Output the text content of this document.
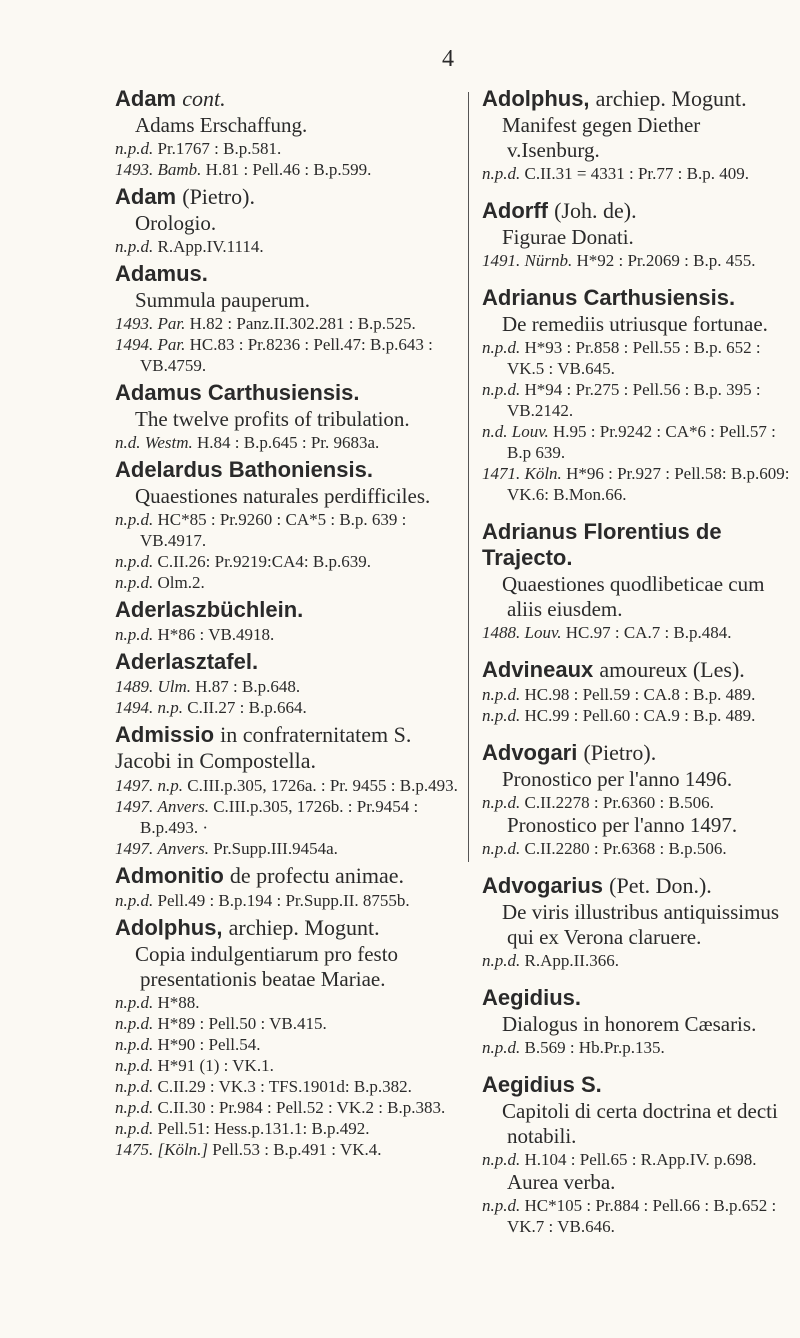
4
Adam cont.
Adams Erschaffung.
n.p.d. Pr.1767 : B.p.581.
1493. Bamb. H.81 : Pell.46 : B.p.599.
Adam (Pietro).
Orologio.
n.p.d. R.App.IV.1114.
Adamus.
Summula pauperum.
1493. Par. H.82 : Panz.II.302.281 : B.p.525.
1494. Par. HC.83 : Pr.8236 : Pell.47: B.p.643 : VB.4759.
Adamus Carthusiensis.
The twelve profits of tribulation.
n.d. Westm. H.84 : B.p.645 : Pr. 9683a.
Adelardus Bathoniensis.
Quaestiones naturales perdifficiles.
n.p.d. HC*85 : Pr.9260 : CA*5 : B.p. 639 : VB.4917.
n.p.d. C.II.26: Pr.9219:CA4: B.p.639.
n.p.d. Olm.2.
Aderlaszbüchlein.
n.p.d. H*86 : VB.4918.
Aderlasztafel.
1489. Ulm. H.87 : B.p.648.
1494. n.p. C.II.27 : B.p.664.
Admissio in confraternitatem S. Jacobi in Compostella.
1497. n.p. C.III.p.305, 1726a. : Pr. 9455 : B.p.493.
1497. Anvers. C.III.p.305, 1726b. : Pr.9454 : B.p.493. ·
1497. Anvers. Pr.Supp.III.9454a.
Admonitio de profectu animae.
n.p.d. Pell.49 : B.p.194 : Pr.Supp.II. 8755b.
Adolphus, archiep. Mogunt.
Copia indulgentiarum pro festo presentationis beatae Mariae.
n.p.d. H*88.
n.p.d. H*89 : Pell.50 : VB.415.
n.p.d. H*90 : Pell.54.
n.p.d. H*91 (1) : VK.1.
n.p.d. C.II.29 : VK.3 : TFS.1901d: B.p.382.
n.p.d. C.II.30 : Pr.984 : Pell.52 : VK.2 : B.p.383.
n.p.d. Pell.51: Hess.p.131.1: B.p.492.
1475. [Köln.] Pell.53 : B.p.491 : VK.4.
Adolphus, archiep. Mogunt.
Manifest gegen Diether v.Isenburg.
n.p.d. C.II.31 = 4331 : Pr.77 : B.p. 409.
Adorff (Joh. de).
Figurae Donati.
1491. Nürnb. H*92 : Pr.2069 : B.p. 455.
Adrianus Carthusiensis.
De remediis utriusque fortunae.
n.p.d. H*93 : Pr.858 : Pell.55 : B.p. 652 : VK.5 : VB.645.
n.p.d. H*94 : Pr.275 : Pell.56 : B.p. 395 : VB.2142.
n.d. Louv. H.95 : Pr.9242 : CA*6 : Pell.57 : B.p 639.
1471. Köln. H*96 : Pr.927 : Pell.58: B.p.609: VK.6: B.Mon.66.
Adrianus Florentius de Trajecto.
Quaestiones quodlibeticae cum aliis eiusdem.
1488. Louv. HC.97 : CA.7 : B.p.484.
Advineaux amoureux (Les).
n.p.d. HC.98 : Pell.59 : CA.8 : B.p. 489.
n.p.d. HC.99 : Pell.60 : CA.9 : B.p. 489.
Advogari (Pietro).
Pronostico per l'anno 1496.
n.p.d. C.II.2278 : Pr.6360 : B.506.
Pronostico per l'anno 1497.
n.p.d. C.II.2280 : Pr.6368 : B.p.506.
Advogarius (Pet. Don.).
De viris illustribus antiquissimus qui ex Verona claruere.
n.p.d. R.App.II.366.
Aegidius.
Dialogus in honorem Cæsaris.
n.p.d. B.569 : Hb.Pr.p.135.
Aegidius S.
Capitoli di certa doctrina et decti notabili.
n.p.d. H.104 : Pell.65 : R.App.IV. p.698.
Aurea verba.
n.p.d. HC*105 : Pr.884 : Pell.66 : B.p.652 : VK.7 : VB.646.
